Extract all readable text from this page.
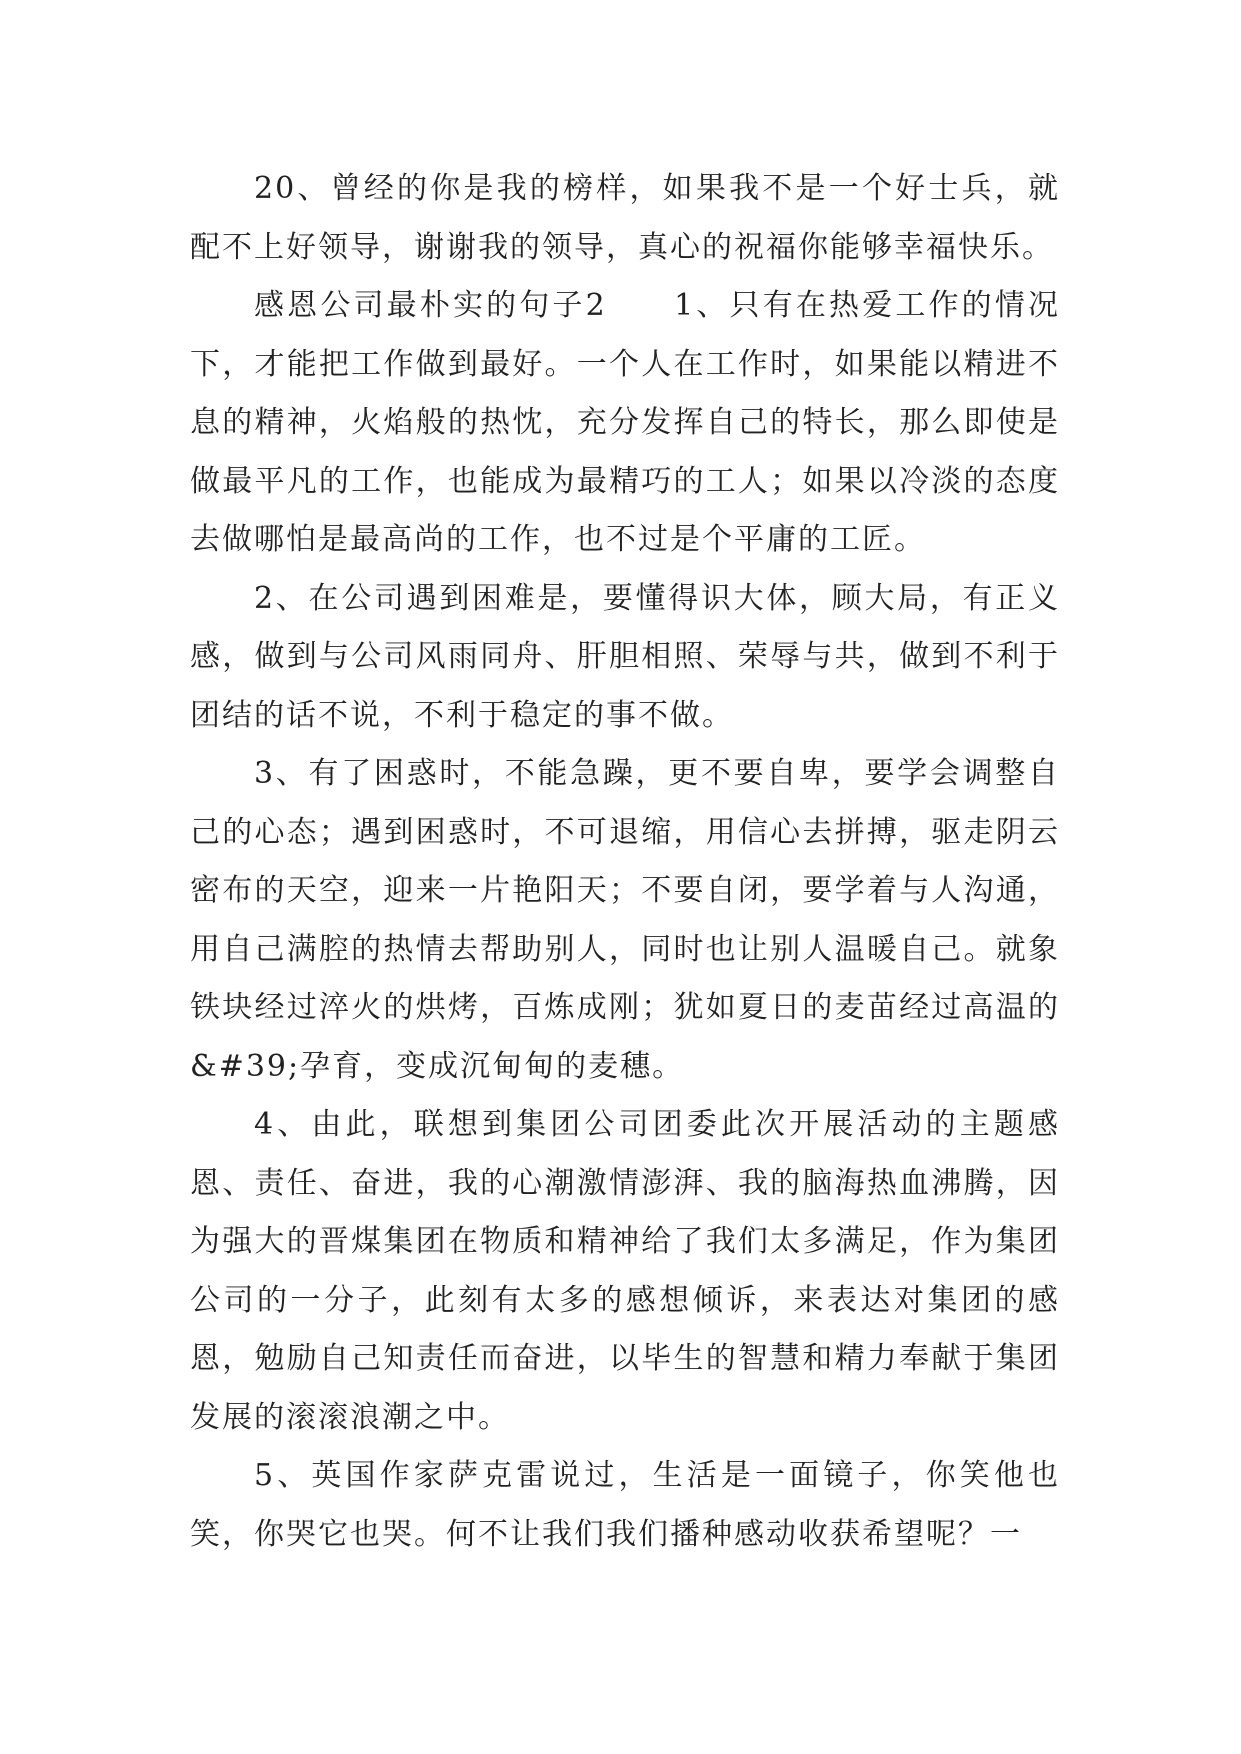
20、曾经的你是我的榜样，如果我不是一个好士兵，就配不上好领导，谢谢我的领导，真心的祝福你能够幸福快乐。

感恩公司最朴实的句子2　　1、只有在热爱工作的情况下，才能把工作做到最好。一个人在工作时，如果能以精进不息的精神，火焰般的热忱，充分发挥自己的特长，那么即使是做最平凡的工作，也能成为最精巧的工人；如果以冷淡的态度去做哪怕是最高尚的工作，也不过是个平庸的工匠。

2、在公司遇到困难是，要懂得识大体，顾大局，有正义感，做到与公司风雨同舟、肝胆相照、荣辱与共，做到不利于团结的话不说，不利于稳定的事不做。

3、有了困惑时，不能急躁，更不要自卑，要学会调整自己的心态；遇到困惑时，不可退缩，用信心去拼搏，驱走阴云密布的天空，迎来一片艳阳天；不要自闭，要学着与人沟通，用自己满腔的热情去帮助别人，同时也让别人温暖自己。就象铁块经过淬火的烘烤，百炼成刚；犹如夏日的麦苗经过高温的&#39;孕育，变成沉甸甸的麦穗。

4、由此，联想到集团公司团委此次开展活动的主题感恩、责任、奋进，我的心潮激情澎湃、我的脑海热血沸腾，因为强大的晋煤集团在物质和精神给了我们太多满足，作为集团公司的一分子，此刻有太多的感想倾诉，来表达对集团的感恩，勉励自己知责任而奋进，以毕生的智慧和精力奉献于集团发展的滚滚浪潮之中。

5、英国作家萨克雷说过，生活是一面镜子，你笑他也笑，你哭它也哭。何不让我们我们播种感动收获希望呢？一
